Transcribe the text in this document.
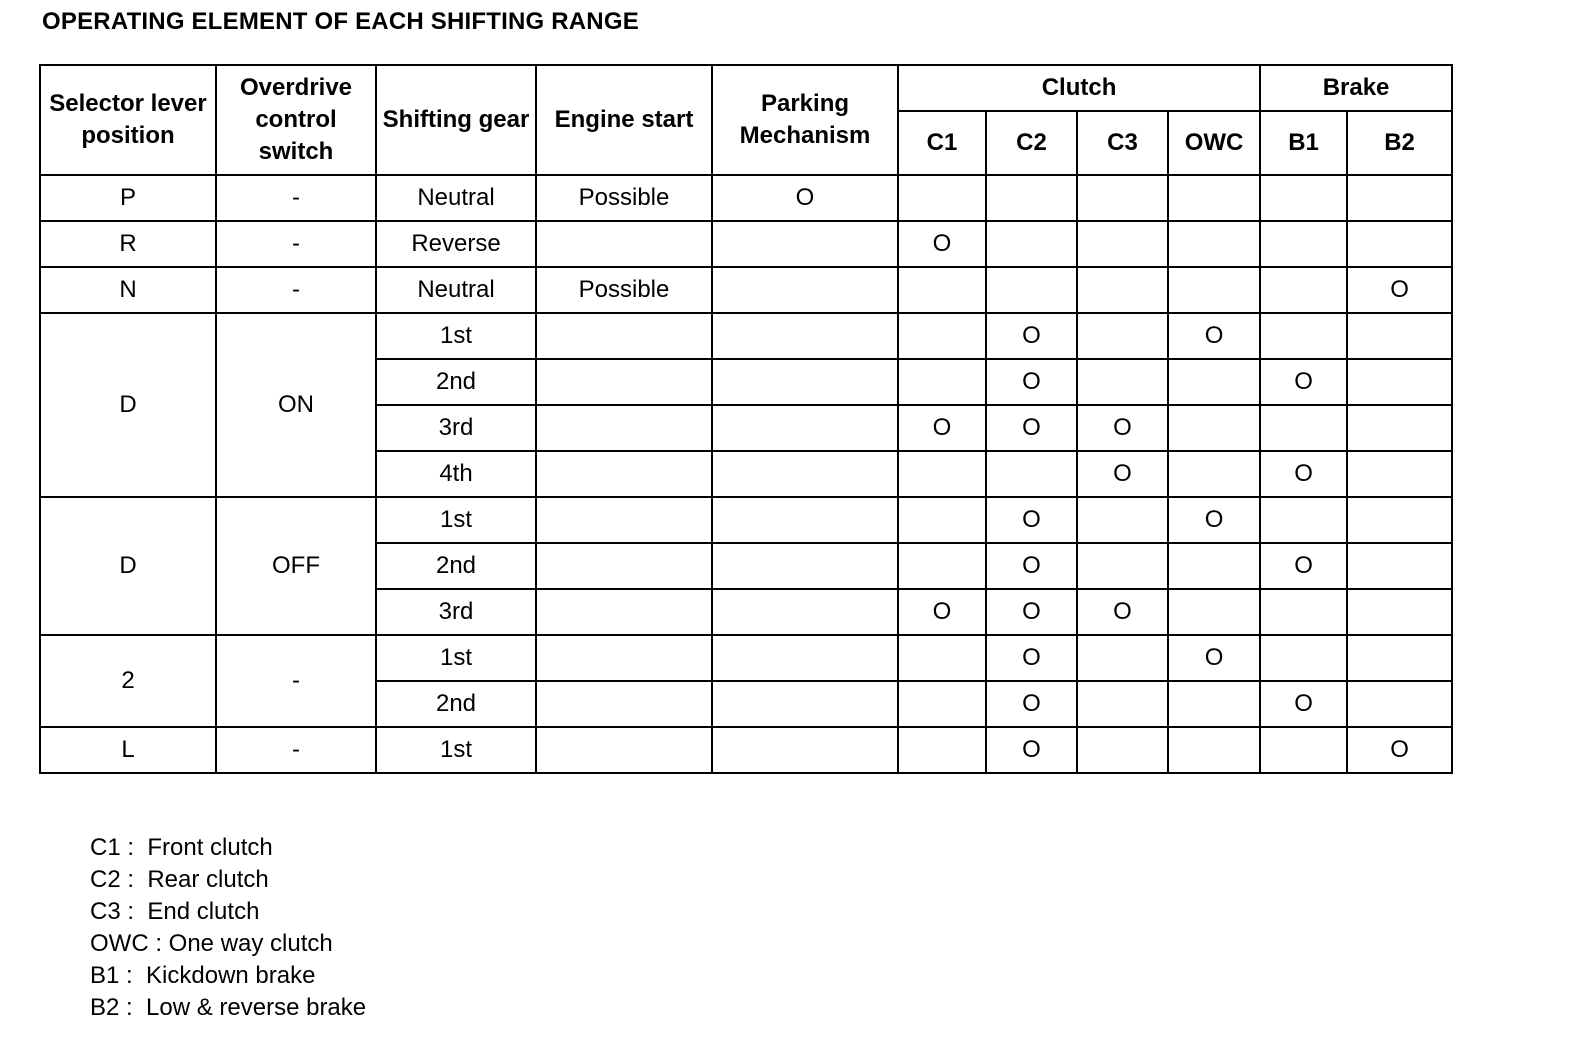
OPERATING ELEMENT OF EACH SHIFTING RANGE
Selector lever position	Overdrive control switch	Shifting gear	Engine start	Parking Mechanism	Clutch				Brake	
					C1	C2	C3	OWC	B1	B2
P	-	Neutral	Possible	O						
R	-	Reverse			O					
N	-	Neutral	Possible							O
D	ON	1st				O		O		
		2nd				O			O	
		3rd			O	O	O			
		4th					O		O	
D	OFF	1st				O		O		
		2nd				O			O	
		3rd			O	O	O			
2	-	1st				O		O		
		2nd				O			O	
L	-	1st				O				O
C1 :  Front clutch
C2 :  Rear clutch
C3 :  End clutch
OWC : One way clutch
B1 :  Kickdown brake
B2 :  Low & reverse brake
